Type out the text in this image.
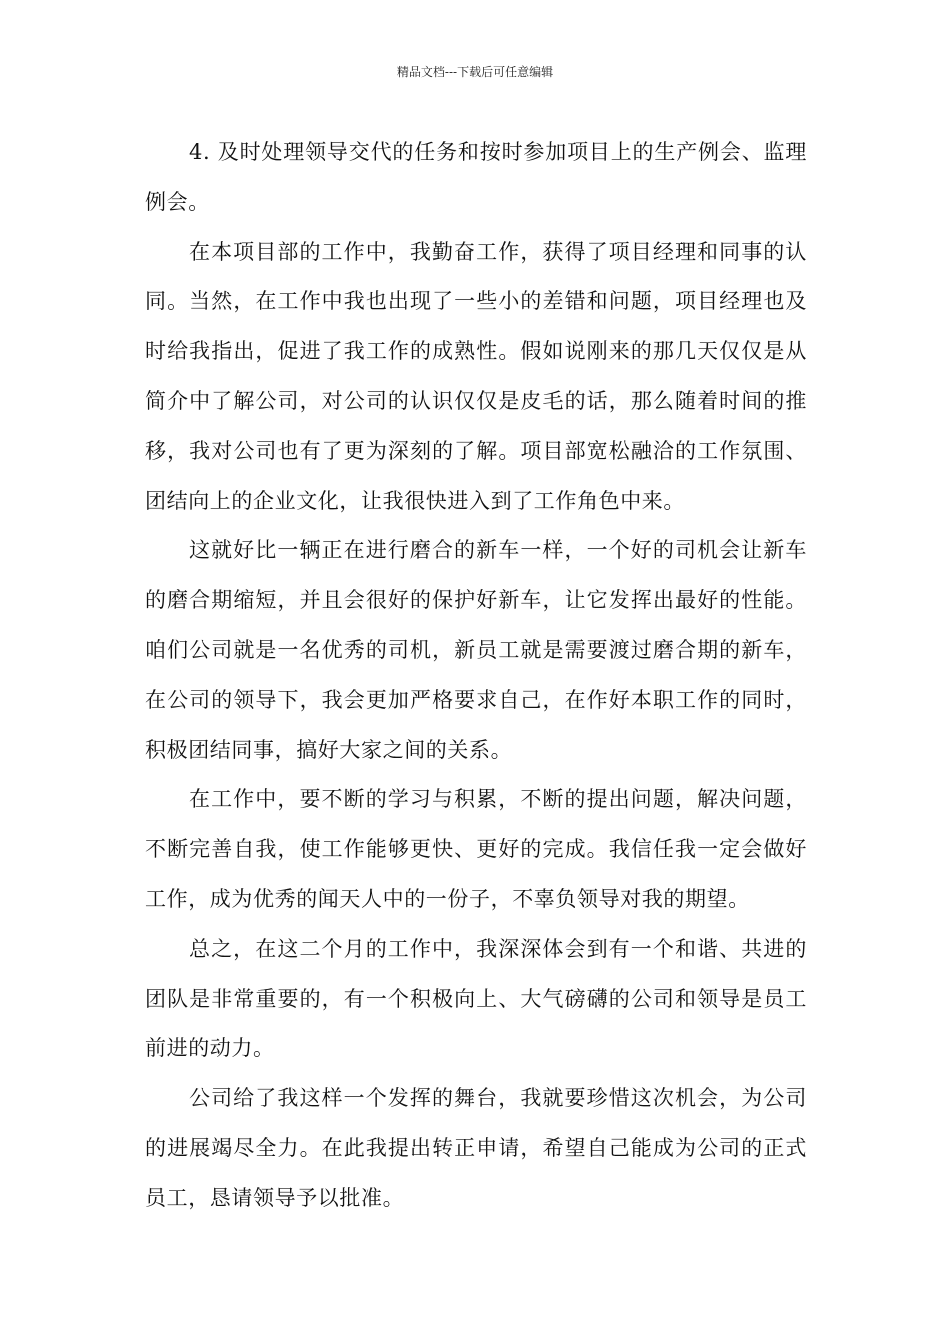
精品文档---下载后可任意编辑

4. 及时处理领导交代的任务和按时参加项目上的生产例会、监理例会。

在本项目部的工作中，我勤奋工作，获得了项目经理和同事的认同。当然，在工作中我也出现了一些小的差错和问题，项目经理也及时给我指出，促进了我工作的成熟性。假如说刚来的那几天仅仅是从简介中了解公司，对公司的认识仅仅是皮毛的话，那么随着时间的推移，我对公司也有了更为深刻的了解。项目部宽松融洽的工作氛围、团结向上的企业文化，让我很快进入到了工作角色中来。

这就好比一辆正在进行磨合的新车一样，一个好的司机会让新车的磨合期缩短，并且会很好的保护好新车，让它发挥出最好的性能。咱们公司就是一名优秀的司机，新员工就是需要渡过磨合期的新车，在公司的领导下，我会更加严格要求自己，在作好本职工作的同时，积极团结同事，搞好大家之间的关系。

在工作中，要不断的学习与积累，不断的提出问题，解决问题，不断完善自我，使工作能够更快、更好的完成。我信任我一定会做好工作，成为优秀的闻天人中的一份子，不辜负领导对我的期望。

总之，在这二个月的工作中，我深深体会到有一个和谐、共进的团队是非常重要的，有一个积极向上、大气磅礴的公司和领导是员工前进的动力。

公司给了我这样一个发挥的舞台，我就要珍惜这次机会，为公司的进展竭尽全力。在此我提出转正申请，希望自己能成为公司的正式员工，恳请领导予以批准。
